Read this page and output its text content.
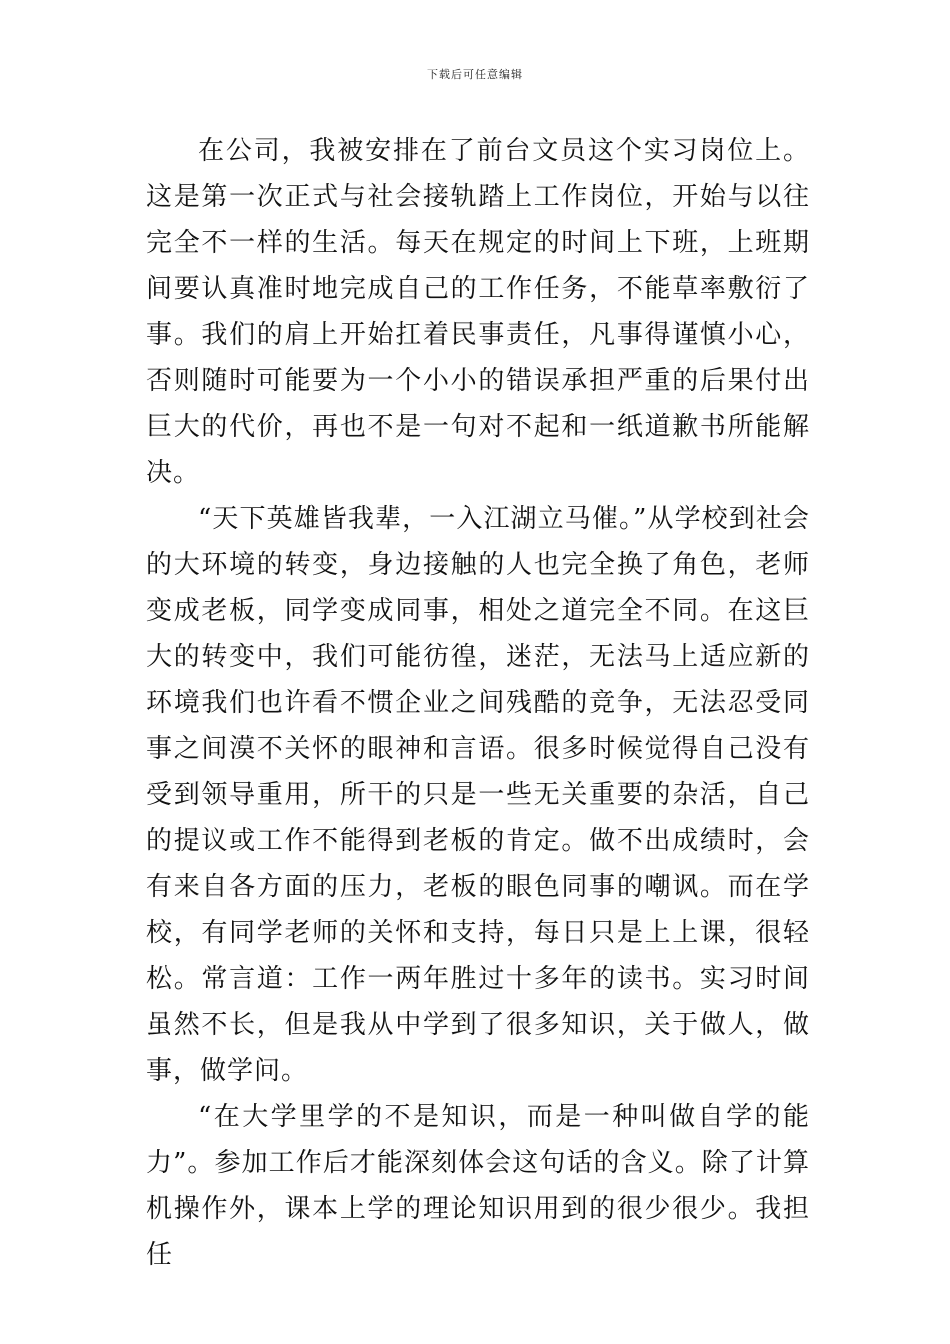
下载后可任意编辑

在公司，我被安排在了前台文员这个实习岗位上。这是第一次正式与社会接轨踏上工作岗位，开始与以往完全不一样的生活。每天在规定的时间上下班，上班期间要认真准时地完成自己的工作任务，不能草率敷衍了事。我们的肩上开始扛着民事责任，凡事得谨慎小心，否则随时可能要为一个小小的错误承担严重的后果付出巨大的代价，再也不是一句对不起和一纸道歉书所能解决。

“天下英雄皆我辈，一入江湖立马催。”从学校到社会的大环境的转变，身边接触的人也完全换了角色，老师变成老板，同学变成同事，相处之道完全不同。在这巨大的转变中，我们可能彷徨，迷茫，无法马上适应新的环境我们也许看不惯企业之间残酷的竞争，无法忍受同事之间漠不关怀的眼神和言语。很多时候觉得自己没有受到领导重用，所干的只是一些无关重要的杂活，自己的提议或工作不能得到老板的肯定。做不出成绩时，会有来自各方面的压力，老板的眼色同事的嘲讽。而在学校，有同学老师的关怀和支持，每日只是上上课，很轻松。常言道：工作一两年胜过十多年的读书。实习时间虽然不长，但是我从中学到了很多知识，关于做人，做事，做学问。

“在大学里学的不是知识，而是一种叫做自学的能力”。参加工作后才能深刻体会这句话的含义。除了计算机操作外，课本上学的理论知识用到的很少很少。我担任
